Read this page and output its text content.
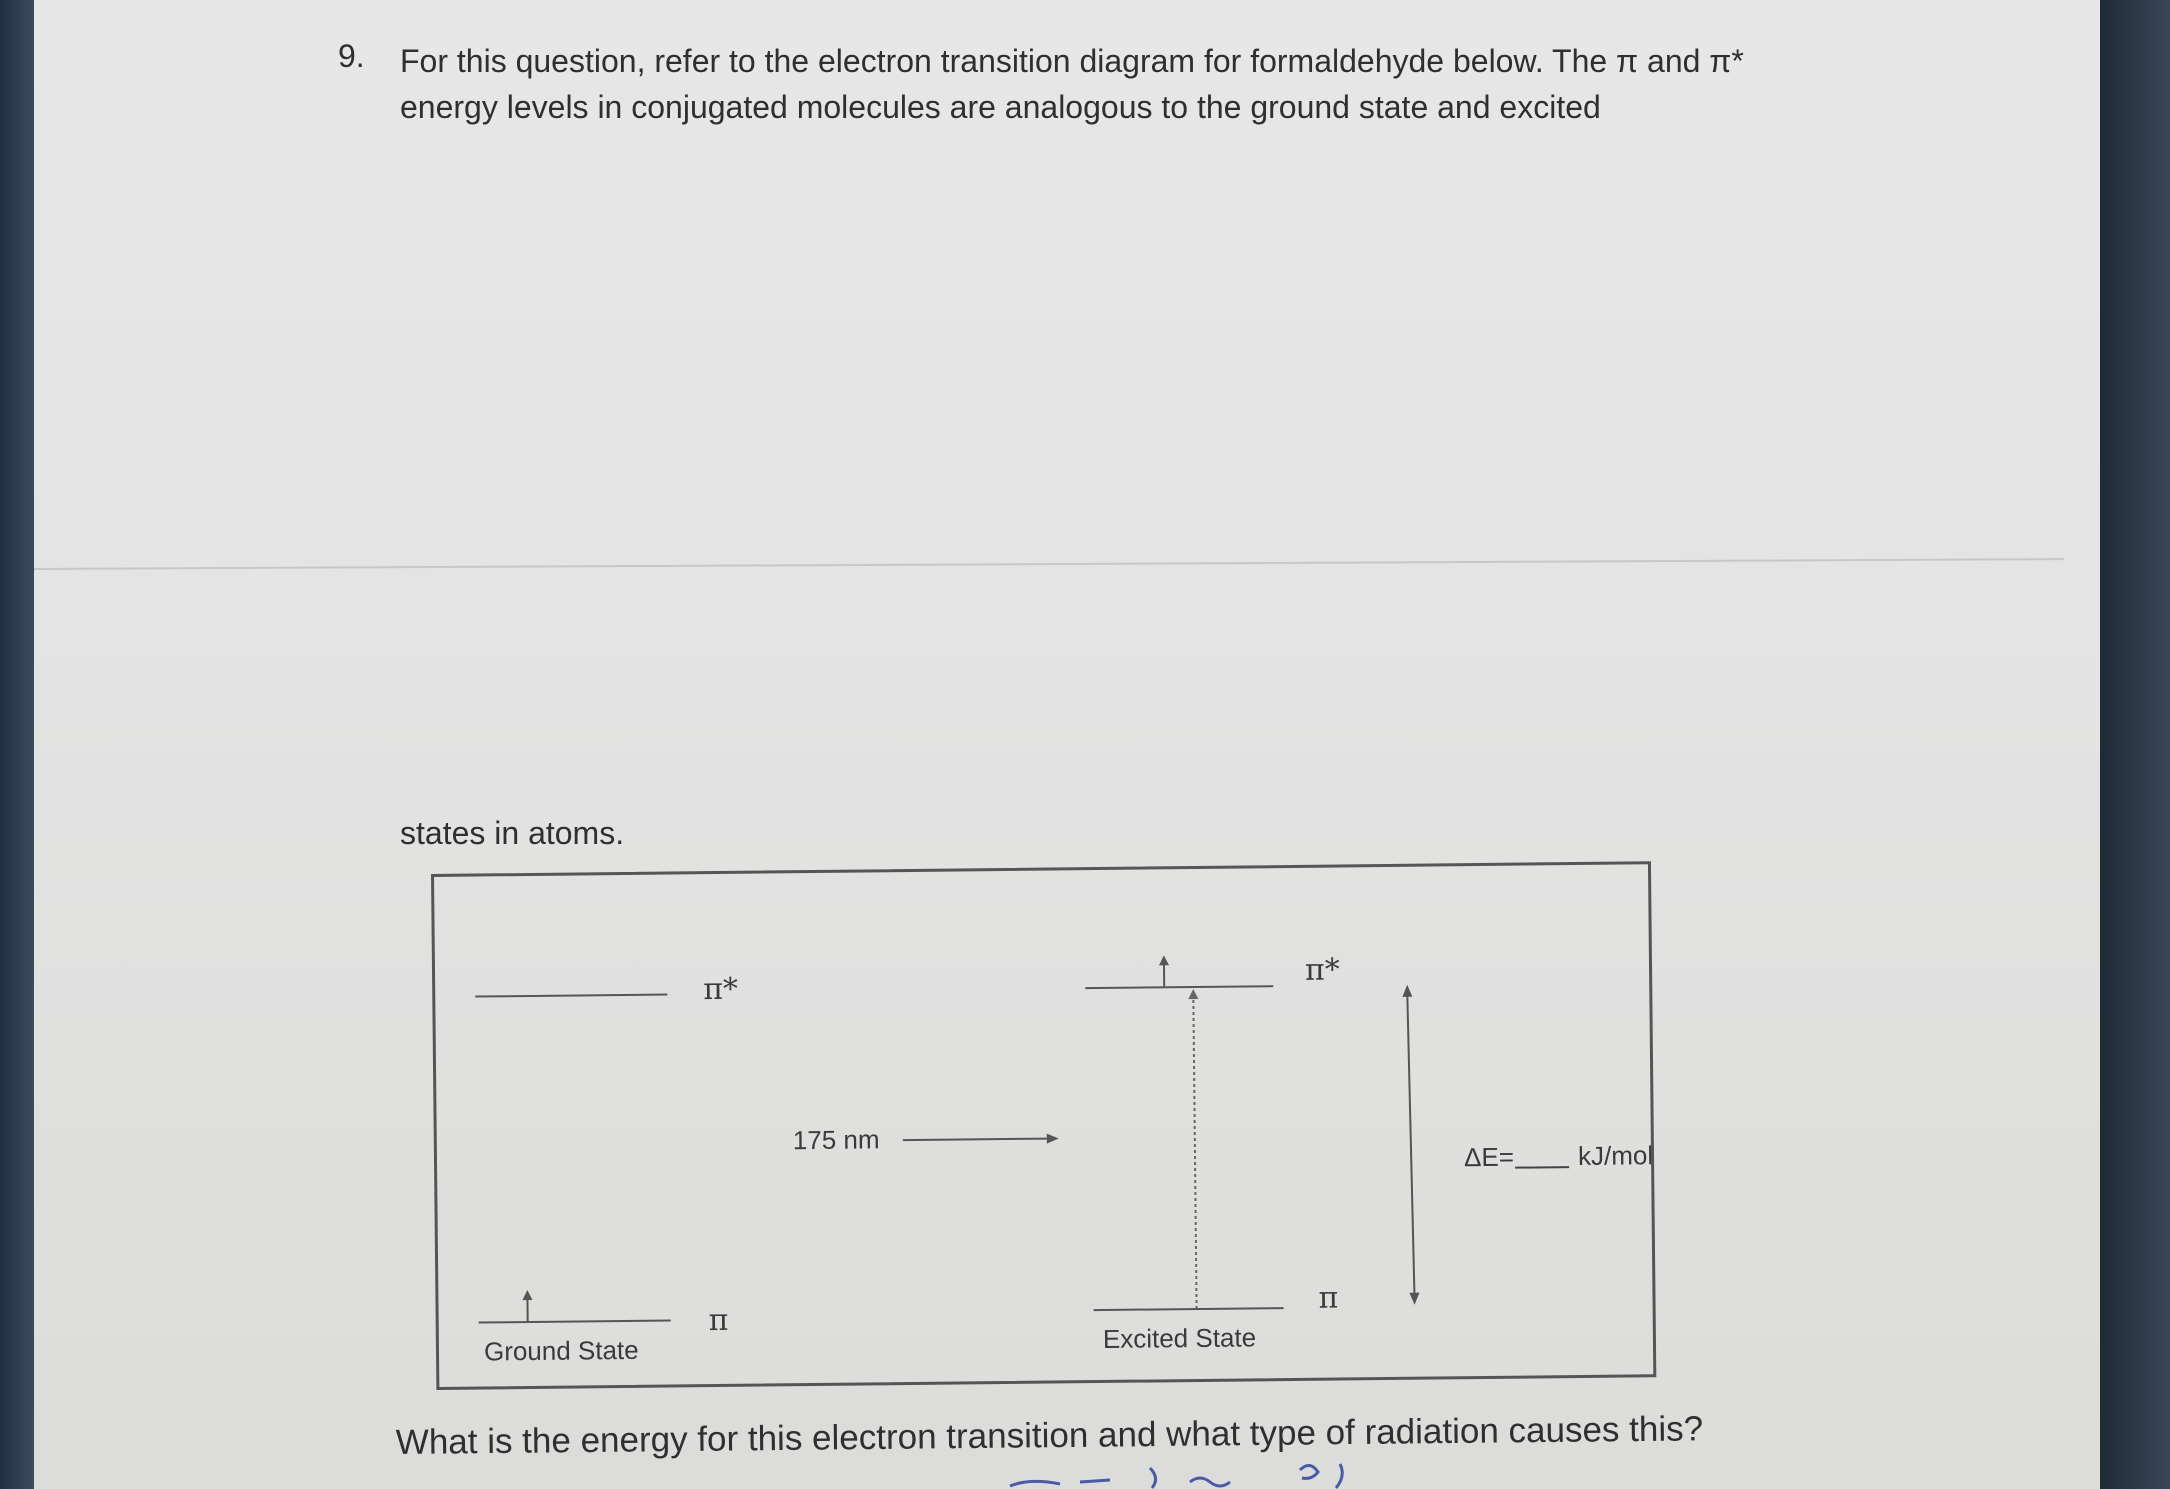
9. For this question, refer to the electron transition diagram for formaldehyde below. The π and π* energy levels in conjugated molecules are analogous to the ground state and excited
states in atoms.
π*
π
Ground State
175 nm
π*
π
Excited State
ΔE= kJ/mol
What is the energy for this electron transition and what type of radiation causes this?
